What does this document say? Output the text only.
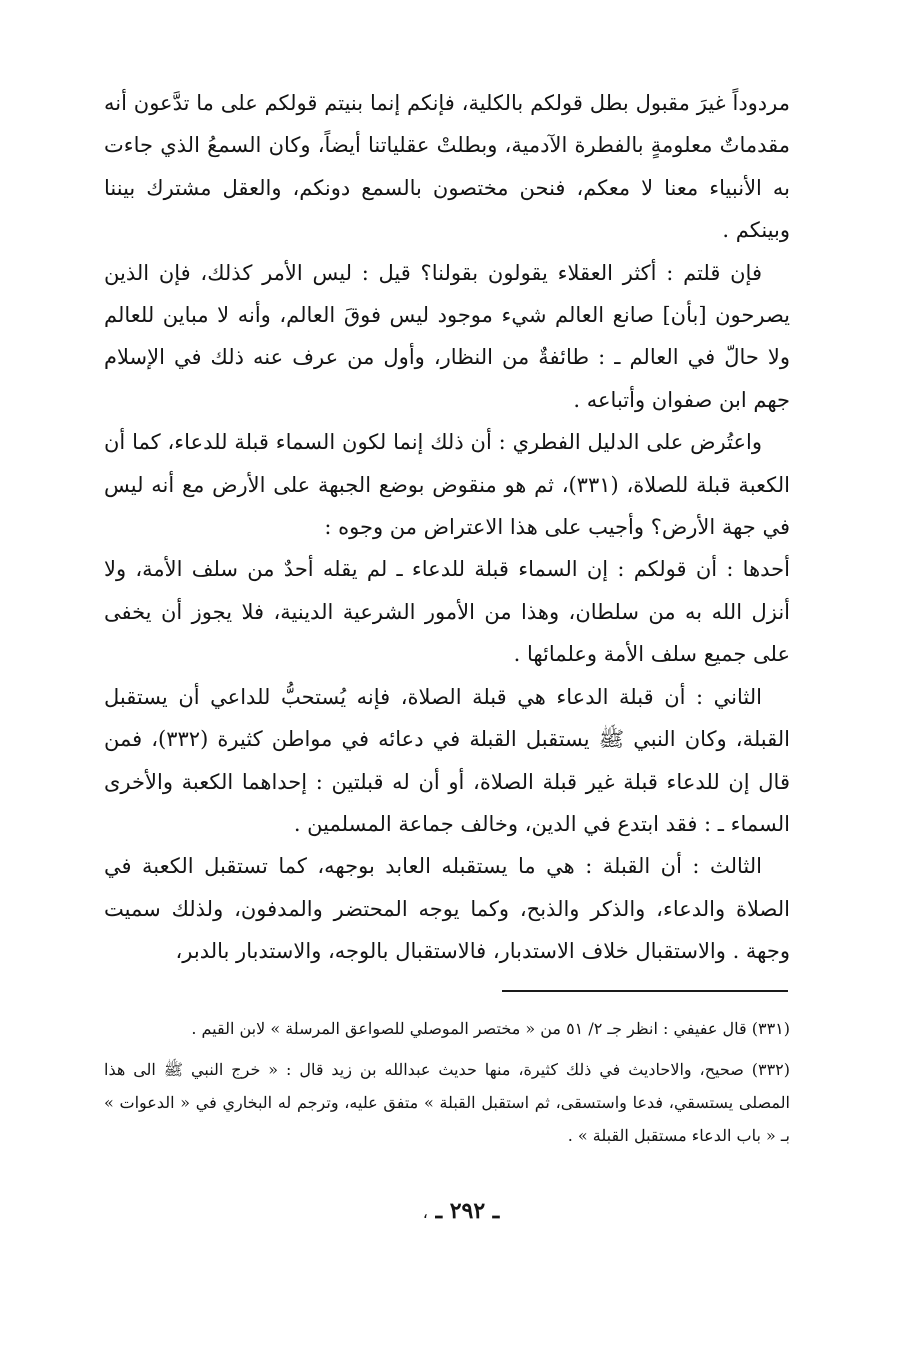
مردوداً غيرَ مقبول بطل قولكم بالكلية، فإنكم إنما بنيتم قولكم على ما تدَّعون أنه مقدماتٌ معلومةٍ بالفطرة الآدمية، وبطلتْ عقلياتنا أيضاً، وكان السمعُ الذي جاءت به الأنبياء معنا لا معكم، فنحن مختصون بالسمع دونكم، والعقل مشترك بيننا وبينكم .

فإن قلتم : أكثر العقلاء يقولون بقولنا؟ قيل : ليس الأمر كذلك، فإن الذين يصرحون [بأن] صانع العالم شيء موجود ليس فوقَ العالم، وأنه لا مباين للعالم ولا حالّ في العالم ـ : طائفةٌ من النظار، وأول من عرف عنه ذلك في الإسلام جهم ابن صفوان وأتباعه .

واعتُرض على الدليل الفطري : أن ذلك إنما لكون السماء قبلة للدعاء، كما أن الكعبة قبلة للصلاة، (٣٣١)، ثم هو منقوض بوضع الجبهة على الأرض مع أنه ليس في جهة الأرض؟ وأجيب على هذا الاعتراض من وجوه :

أحدها : أن قولكم : إن السماء قبلة للدعاء ـ لم يقله أحدٌ من سلف الأمة، ولا أنزل الله به من سلطان، وهذا من الأمور الشرعية الدينية، فلا يجوز أن يخفى على جميع سلف الأمة وعلمائها .

الثاني : أن قبلة الدعاء هي قبلة الصلاة، فإنه يُستحبُّ للداعي أن يستقبل القبلة، وكان النبي ﷺ يستقبل القبلة في دعائه في مواطن كثيرة (٣٣٢)، فمن قال إن للدعاء قبلة غير قبلة الصلاة، أو أن له قبلتين : إحداهما الكعبة والأخرى السماء ـ : فقد ابتدع في الدين، وخالف جماعة المسلمين .

الثالث : أن القبلة : هي ما يستقبله العابد بوجهه، كما تستقبل الكعبة في الصلاة والدعاء، والذكر والذبح، وكما يوجه المحتضر والمدفون، ولذلك سميت وجهة . والاستقبال خلاف الاستدبار، فالاستقبال بالوجه، والاستدبار بالدبر،

(٣٣١) قال عفيفي : انظر جـ ٢/ ٥١ من « مختصر الموصلي للصواعق المرسلة » لابن القيم .

(٣٣٢) صحيح، والاحاديث في ذلك كثيرة، منها حديث عبدالله بن زيد قال : « خرج النبي ﷺ الى هذا المصلى يستسقي، فدعا واستسقى، ثم استقبل القبلة » متفق عليه، وترجم له البخاري في « الدعوات » بـ « باب الدعاء مستقبل القبلة » .

ـ ٢٩٢ ـ ،
